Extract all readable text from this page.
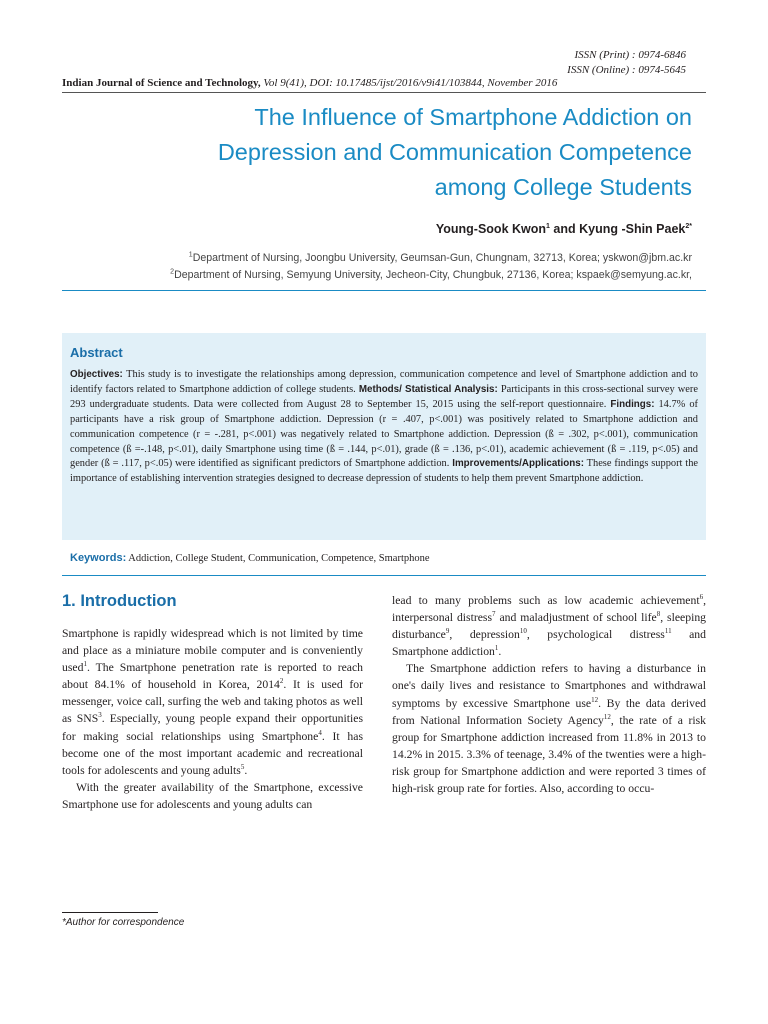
ISSN (Print) : 0974-6846
ISSN (Online) : 0974-5645
Indian Journal of Science and Technology, Vol 9(41), DOI: 10.17485/ijst/2016/v9i41/103844, November 2016
The Influence of Smartphone Addiction on
Depression and Communication Competence
among College Students
Young-Sook Kwon$^1$ and Kyung -Shin Paek$^{2*}$
$^1$Department of Nursing, Joongbu University, Geumsan-Gun, Chungnam, 32713, Korea; yskwon@jbm.ac.kr
$^2$Department of Nursing, Semyung University, Jecheon-City, Chungbuk, 27136, Korea; kspaek@semyung.ac.kr,
Abstract
Objectives: This study is to investigate the relationships among depression, communication competence and level of Smartphone addiction and to identify factors related to Smartphone addiction of college students. Methods/ Statistical Analysis: Participants in this cross-sectional survey were 293 undergraduate students. Data were collected from August 28 to September 15, 2015 using the self-report questionnaire. Findings: 14.7% of participants have a risk group of Smartphone addiction. Depression (r = .407, p<.001) was positively related to Smartphone addiction and communication competence (r = -.281, p<.001) was negatively related to Smartphone addiction. Depression (ß = .302, p<.001), communication competence (ß =-.148, p<.01), daily Smartphone using time (ß = .144, p<.01), grade (ß = .136, p<.01), academic achievement (ß = .119, p<.05) and gender (ß = .117, p<.05) were identified as significant predictors of Smartphone addiction. Improvements/Applications: These findings support the importance of establishing intervention strategies designed to decrease depression of students to help them prevent Smartphone addiction.
Keywords: Addiction, College Student, Communication, Competence, Smartphone
1. Introduction

Smartphone is rapidly widespread which is not limited by time and place as a miniature mobile computer and is conveniently used$^1$. The Smartphone penetration rate is reported to reach about 84.1% of household in Korea, 2014$^2$. It is used for messenger, voice call, surfing the web and taking photos as well as SNS$^3$. Especially, young people expand their opportunities for making social relationships using Smartphone$^4$. It has become one of the most important academic and recreational tools for adolescents and young adults$^5$.

With the greater availability of the Smartphone, excessive Smartphone use for adolescents and young adults can

lead to many problems such as low academic achievement$^6$, interpersonal distress$^7$ and maladjustment of school life$^8$, sleeping disturbance$^9$, depression$^{10}$, psychological distress$^{11}$ and Smartphone addiction$^1$.

The Smartphone addiction refers to having a disturbance in one's daily lives and resistance to Smartphones and withdrawal symptoms by excessive Smartphone use$^{12}$. By the data derived from National Information Society Agency$^{12}$, the rate of a risk group for Smartphone addiction increased from 11.8% in 2013 to 14.2% in 2015. 3.3% of teenage, 3.4% of the twenties were a high- risk group for Smartphone addiction and were reported 3 times of high-risk group rate for forties. Also, according to occu-

*Author for correspondence
